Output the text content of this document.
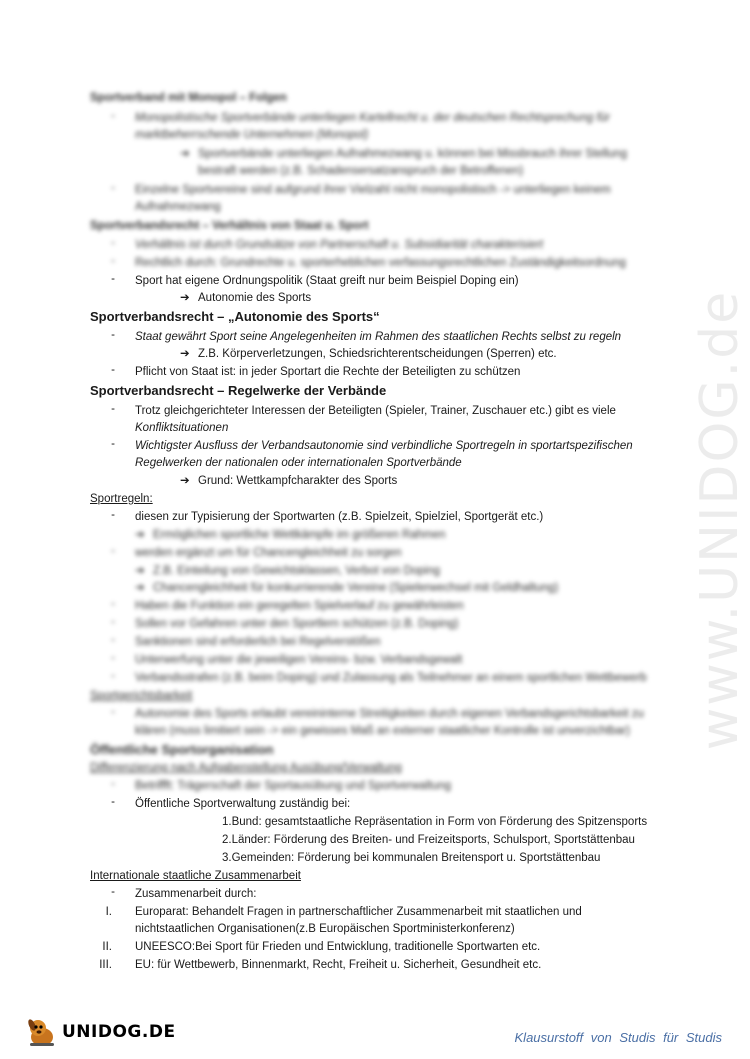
www.UNIDOG.de
Sportverband mit Monopol – Folgen
- Monopolistische Sportverbände unterliegen Kartellrecht u. der deutschen Rechtsprechung für
marktbeherrschende Unternehmen (Monopol)
➔ Sportverbände unterliegen Aufnahmezwang u. können bei Missbrauch ihrer Stellung
bestraft werden (z.B. Schadensersatzanspruch der Betroffenen)
- Einzelne Sportvereine sind aufgrund ihrer Vielzahl nicht monopolistisch -> unterliegen keinem
Aufnahmezwang
Sportverbandsrecht – Verhältnis von Staat u. Sport
- Verhältnis ist durch Grundsätze von Partnerschaft u. Subsidiarität charakterisiert
- Rechtlich durch: Grundrechte u. sporterheblichen verfassungsrechtlichen Zuständigkeitsordnung
- Sport hat eigene Ordnungspolitik (Staat greift nur beim Beispiel Doping ein)
➔ Autonomie des Sports
Sportverbandsrecht – „Autonomie des Sports“
- Staat gewährt Sport seine Angelegenheiten im Rahmen des staatlichen Rechts selbst zu regeln
➔ Z.B. Körperverletzungen, Schiedsrichterentscheidungen (Sperren) etc.
- Pflicht von Staat ist: in jeder Sportart die Rechte der Beteiligten zu schützen
Sportverbandsrecht – Regelwerke der Verbände
- Trotz gleichgerichteter Interessen der Beteiligten (Spieler, Trainer, Zuschauer etc.) gibt es viele
Konfliktsituationen
- Wichtigster Ausfluss der Verbandsautonomie sind verbindliche Sportregeln in sportartspezifischen
Regelwerken der nationalen oder internationalen Sportverbände
➔ Grund: Wettkampfcharakter des Sports
Sportregeln:
- diesen zur Typisierung der Sportwarten (z.B. Spielzeit, Spielziel, Sportgerät etc.)
➔ Ermöglichen sportliche Wettkämpfe im größeren Rahmen
- werden ergänzt um für Chancengleichheit zu sorgen
➔ Z.B. Einteilung von Gewichtsklassen, Verbot von Doping
➔ Chancengleichheit für konkurrierende Vereine (Spielerwechsel mit Geldhaltung)
- Haben die Funktion ein geregelten Spielverlauf zu gewährleisten
- Sollen vor Gefahren unter den Sportlern schützen (z.B. Doping)
- Sanktionen sind erforderlich bei Regelverstößen
- Unterwerfung unter die jeweiligen Vereins- bzw. Verbandsgewalt
- Verbandsstrafen (z.B. beim Doping) und Zulassung als Teilnehmer an einem sportlichen Wettbewerb
Sportgerichtsbarkeit
- Autonomie des Sports erlaubt vereininterne Streitigkeiten durch eigenen Verbandsgerichtsbarkeit zu
klären (muss limitiert sein -> ein gewisses Maß an externer staatlicher Kontrolle ist unverzichtbar)
Öffentliche Sportorganisation
Differenzierung nach Aufgabenstellung Ausübung/Verwaltung
- Betriffft: Trägerschaft der Sportausübung und Sportverwaltung
- Öffentliche Sportverwaltung zuständig bei:
1.Bund: gesamtstaatliche Repräsentation in Form von Förderung des Spitzensports
2.Länder: Förderung des Breiten- und Freizeitsports, Schulsport, Sportstättenbau
3.Gemeinden: Förderung bei kommunalen Breitensport u. Sportstättenbau
Internationale staatliche Zusammenarbeit
- Zusammenarbeit durch:
I. Europarat: Behandelt Fragen in partnerschaftlicher Zusammenarbeit mit staatlichen und
nichtstaatlichen Organisationen(z.B Europäischen Sportministerkonferenz)
II. UNEESCO:Bei Sport für Frieden und Entwicklung, traditionelle Sportwarten etc.
III. EU: für Wettbewerb, Binnenmarkt, Recht, Freiheit u. Sicherheit, Gesundheit etc.
UNIDOG.DE	Klausurstoff von Studis für Studis
